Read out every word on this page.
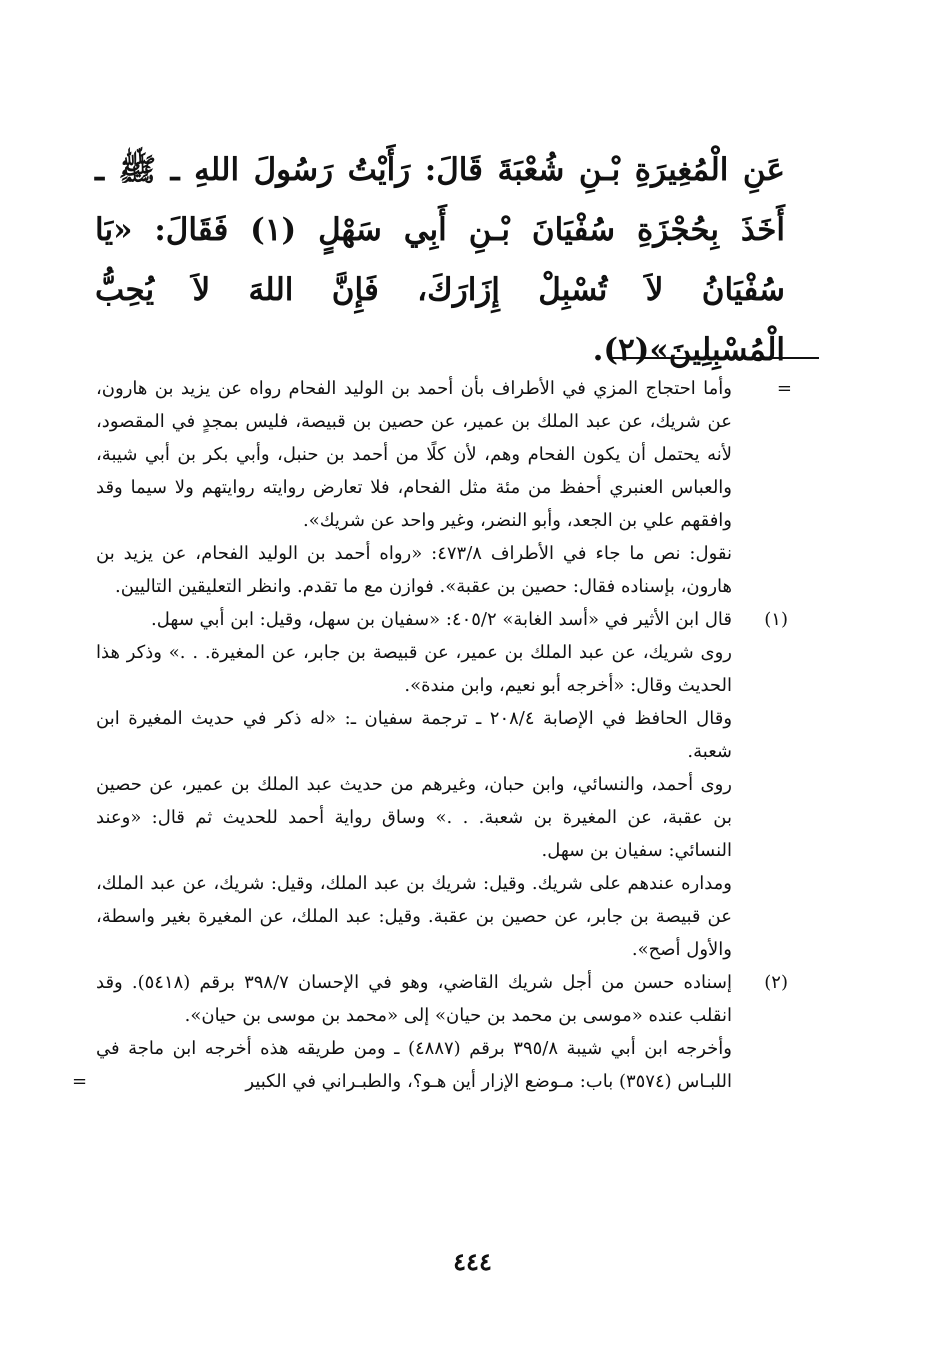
عَنِ الْمُغِيرَةِ بْـنِ شُعْبَةَ قَالَ: رَأَيْتُ رَسُولَ اللهِ ـ ﷺ ـ أَخَذَ بِحُجْزَةِ سُفْيَانَ بْـنِ أَبِي سَهْلٍ (١) فَقَالَ: «يَا سُفْيَانُ لاَ تُسْبِلْ إِزَارَكَ، فَإِنَّ اللهَ لاَ يُحِبُّ الْمُسْبِلِينَ»(٢).

=

وأما احتجاج المزي في الأطراف بأن أحمد بن الوليد الفحام رواه عن يزيد بن هارون، عن شريك، عن عبد الملك بن عمير، عن حصين بن قبيصة، فليس بمجدٍ في المقصود، لأنه يحتمل أن يكون الفحام وهم، لأن كلًا من أحمد بن حنبل، وأبي بكر بن أبي شيبة، والعباس العنبري أحفظ من مئة مثل الفحام، فلا تعارض روايته روايتهم ولا سيما وقد وافقهم علي بن الجعد، وأبو النضر، وغير واحد عن شريك».

نقول: نص ما جاء في الأطراف ٤٧٣/٨: «رواه أحمد بن الوليد الفحام، عن يزيد بن هارون، بإسناده فقال: حصين بن عقبة». فوازن مع ما تقدم. وانظر التعليقين التاليين.

(١)

قال ابن الأثير في «أسد الغابة» ٤٠٥/٢: «سفيان بن سهل، وقيل: ابن أبي سهل.

روى شريك، عن عبد الملك بن عمير، عن قبيصة بن جابر، عن المغيرة. . .» وذكر هذا الحديث وقال: «أخرجه أبو نعيم، وابن مندة».

وقال الحافظ في الإصابة ٢٠٨/٤ ـ ترجمة سفيان ـ: «له ذكر في حديث المغيرة ابن شعبة.

روى أحمد، والنسائي، وابن حبان، وغيرهم من حديث عبد الملك بن عمير، عن حصين بن عقبة، عن المغيرة بن شعبة. . .» وساق رواية أحمد للحديث ثم قال: «وعند النسائي: سفيان بن سهل.

ومداره عندهم على شريك. وقيل: شريك بن عبد الملك، وقيل: شريك، عن عبد الملك، عن قبيصة بن جابر، عن حصين بن عقبة. وقيل: عبد الملك، عن المغيرة بغير واسطة، والأول أصح».

(٢)

إسناده حسن من أجل شريك القاضي، وهو في الإحسان ٣٩٨/٧ برقم (٥٤١٨). وقد انقلب عنده «موسى بن محمد بن حيان» إلى «محمد بن موسى بن حيان».

وأخرجه ابن أبي شيبة ٣٩٥/٨ برقم (٤٨٨٧) ـ ومن طريقه هذه أخرجه ابن ماجة في اللبـاس (٣٥٧٤) باب: مـوضع الإزار أين هـو؟، والطبـراني في الكبير

=
٤٤٤
